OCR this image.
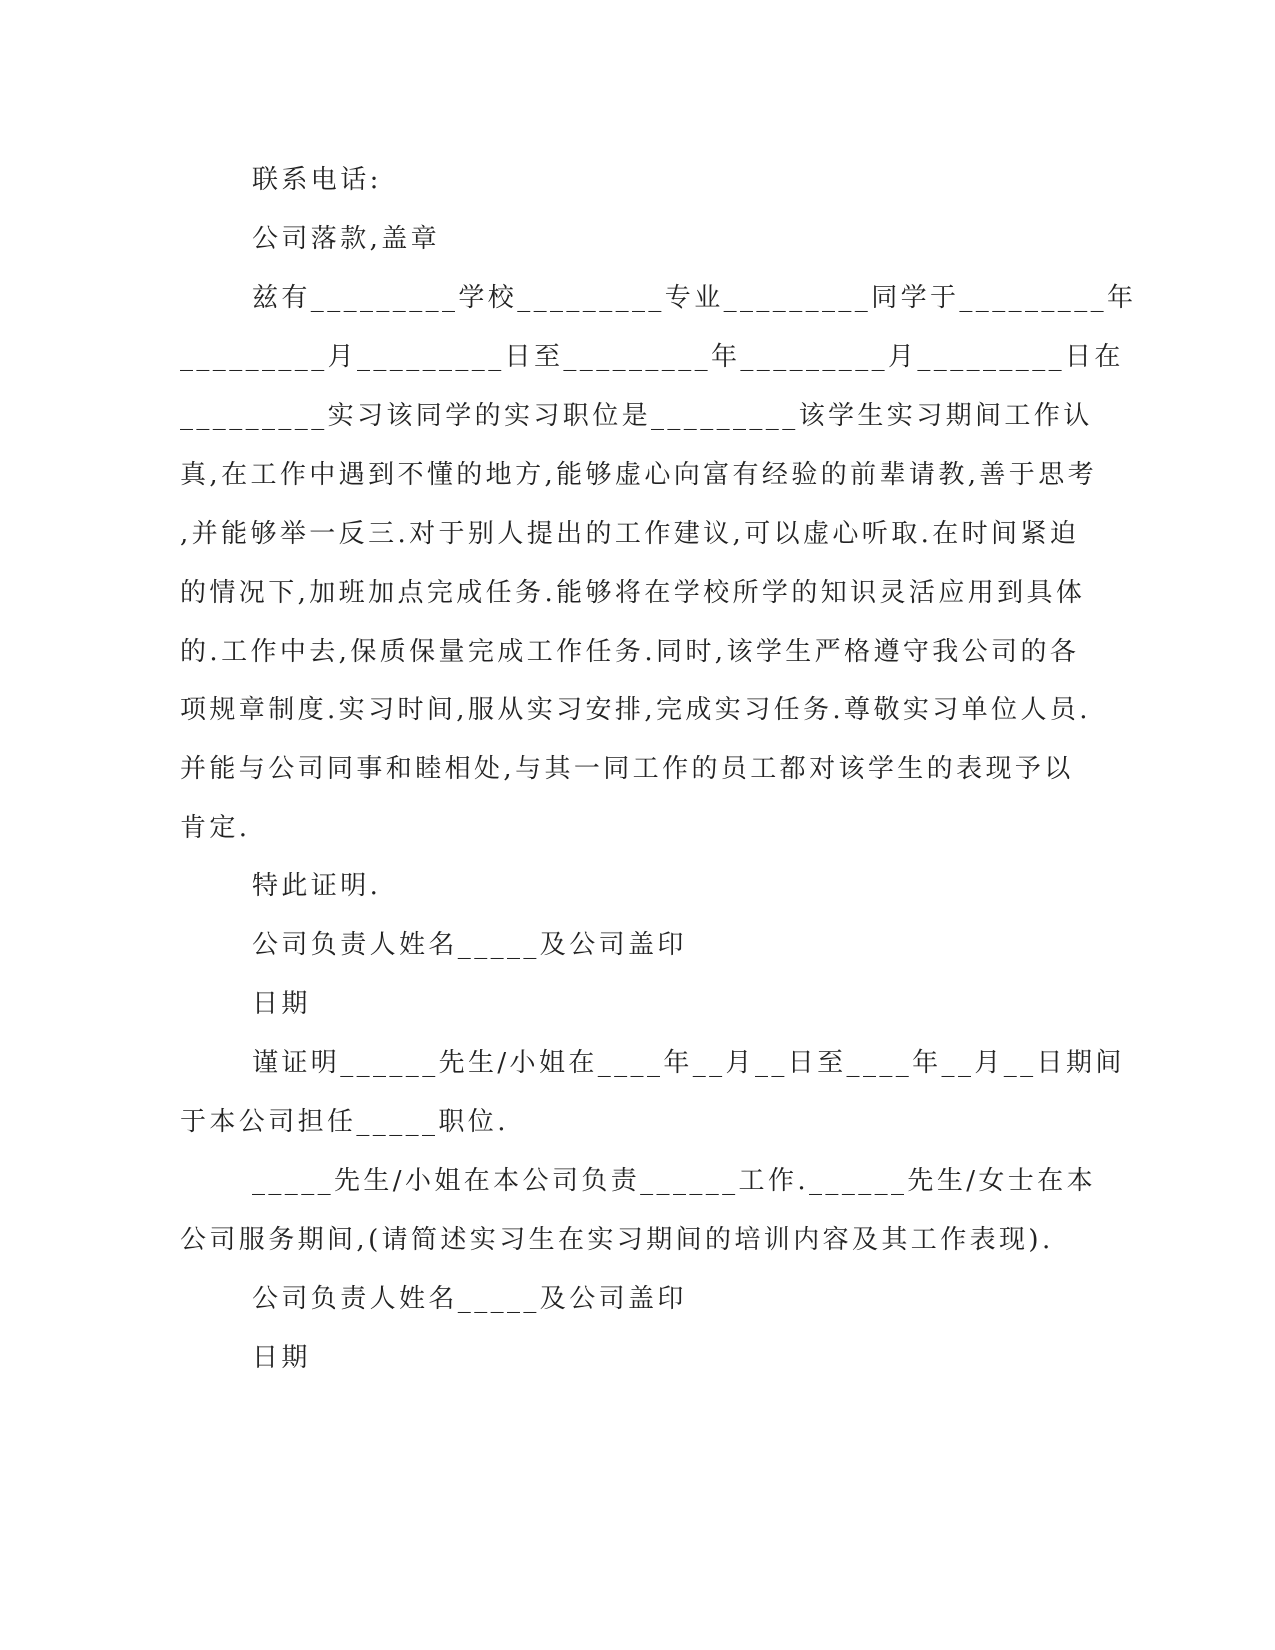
联系电话:
公司落款,盖章
兹有_________学校_________专业_________同学于_________年
_________月_________日至_________年_________月_________日在
_________实习该同学的实习职位是_________该学生实习期间工作认
真,在工作中遇到不懂的地方,能够虚心向富有经验的前辈请教,善于思考
,并能够举一反三.对于别人提出的工作建议,可以虚心听取.在时间紧迫
的情况下,加班加点完成任务.能够将在学校所学的知识灵活应用到具体
的.工作中去,保质保量完成工作任务.同时,该学生严格遵守我公司的各
项规章制度.实习时间,服从实习安排,完成实习任务.尊敬实习单位人员.
并能与公司同事和睦相处,与其一同工作的员工都对该学生的表现予以
肯定.
特此证明.
公司负责人姓名_____及公司盖印
日期
谨证明______先生/小姐在____年__月__日至____年__月__日期间
于本公司担任_____职位.
_____先生/小姐在本公司负责______工作.______先生/女士在本
公司服务期间,(请简述实习生在实习期间的培训内容及其工作表现).
公司负责人姓名_____及公司盖印
日期
